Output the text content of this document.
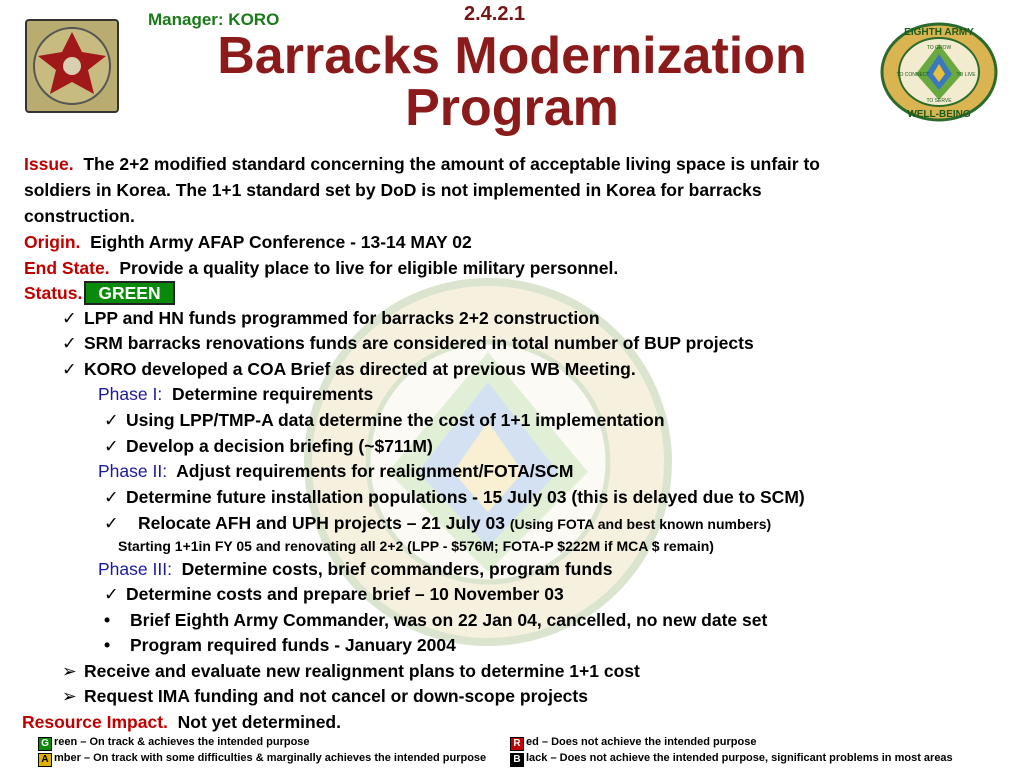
EIGHTH ARMY
WELL-BEING
TO GROW
TO CONNECT	TO LIVE
TO SERVE
Manager: KORO	2.4.2.1
Barracks Modernization
Program
Issue. The 2+2 modified standard concerning the amount of acceptable living space is unfair to
soldiers in Korea. The 1+1 standard set by DoD is not implemented in Korea for barracks
construction.
Origin. Eighth Army AFAP Conference - 13-14 MAY 02
End State. Provide a quality place to live for eligible military personnel.
Status. GREEN
✓ LPP and HN funds programmed for barracks 2+2 construction
✓ SRM barracks renovations funds are considered in total number of BUP projects
✓ KORO developed a COA Brief as directed at previous WB Meeting.
Phase I: Determine requirements
✓ Using LPP/TMP-A data determine the cost of 1+1 implementation
✓ Develop a decision briefing (~$711M)
Phase II: Adjust requirements for realignment/FOTA/SCM
✓ Determine future installation populations - 15 July 03 (this is delayed due to SCM)
✓ Relocate AFH and UPH projects – 21 July 03 (Using FOTA and best known numbers)
Starting 1+1in FY 05 and renovating all 2+2 (LPP - $576M; FOTA-P $222M if MCA $ remain)
Phase III: Determine costs, brief commanders, program funds
✓ Determine costs and prepare brief – 10 November 03
• Brief Eighth Army Commander, was on 22 Jan 04, cancelled, no new date set
• Program required funds - January 2004
➢ Receive and evaluate new realignment plans to determine 1+1 cost
➢ Request IMA funding and not cancel or down-scope projects
Resource Impact. Not yet determined.
G reen – On track & achieves the intended purpose
A mber – On track with some difficulties & marginally achieves the intended purpose
R ed – Does not achieve the intended purpose
B lack – Does not achieve the intended purpose, significant problems in most areas
